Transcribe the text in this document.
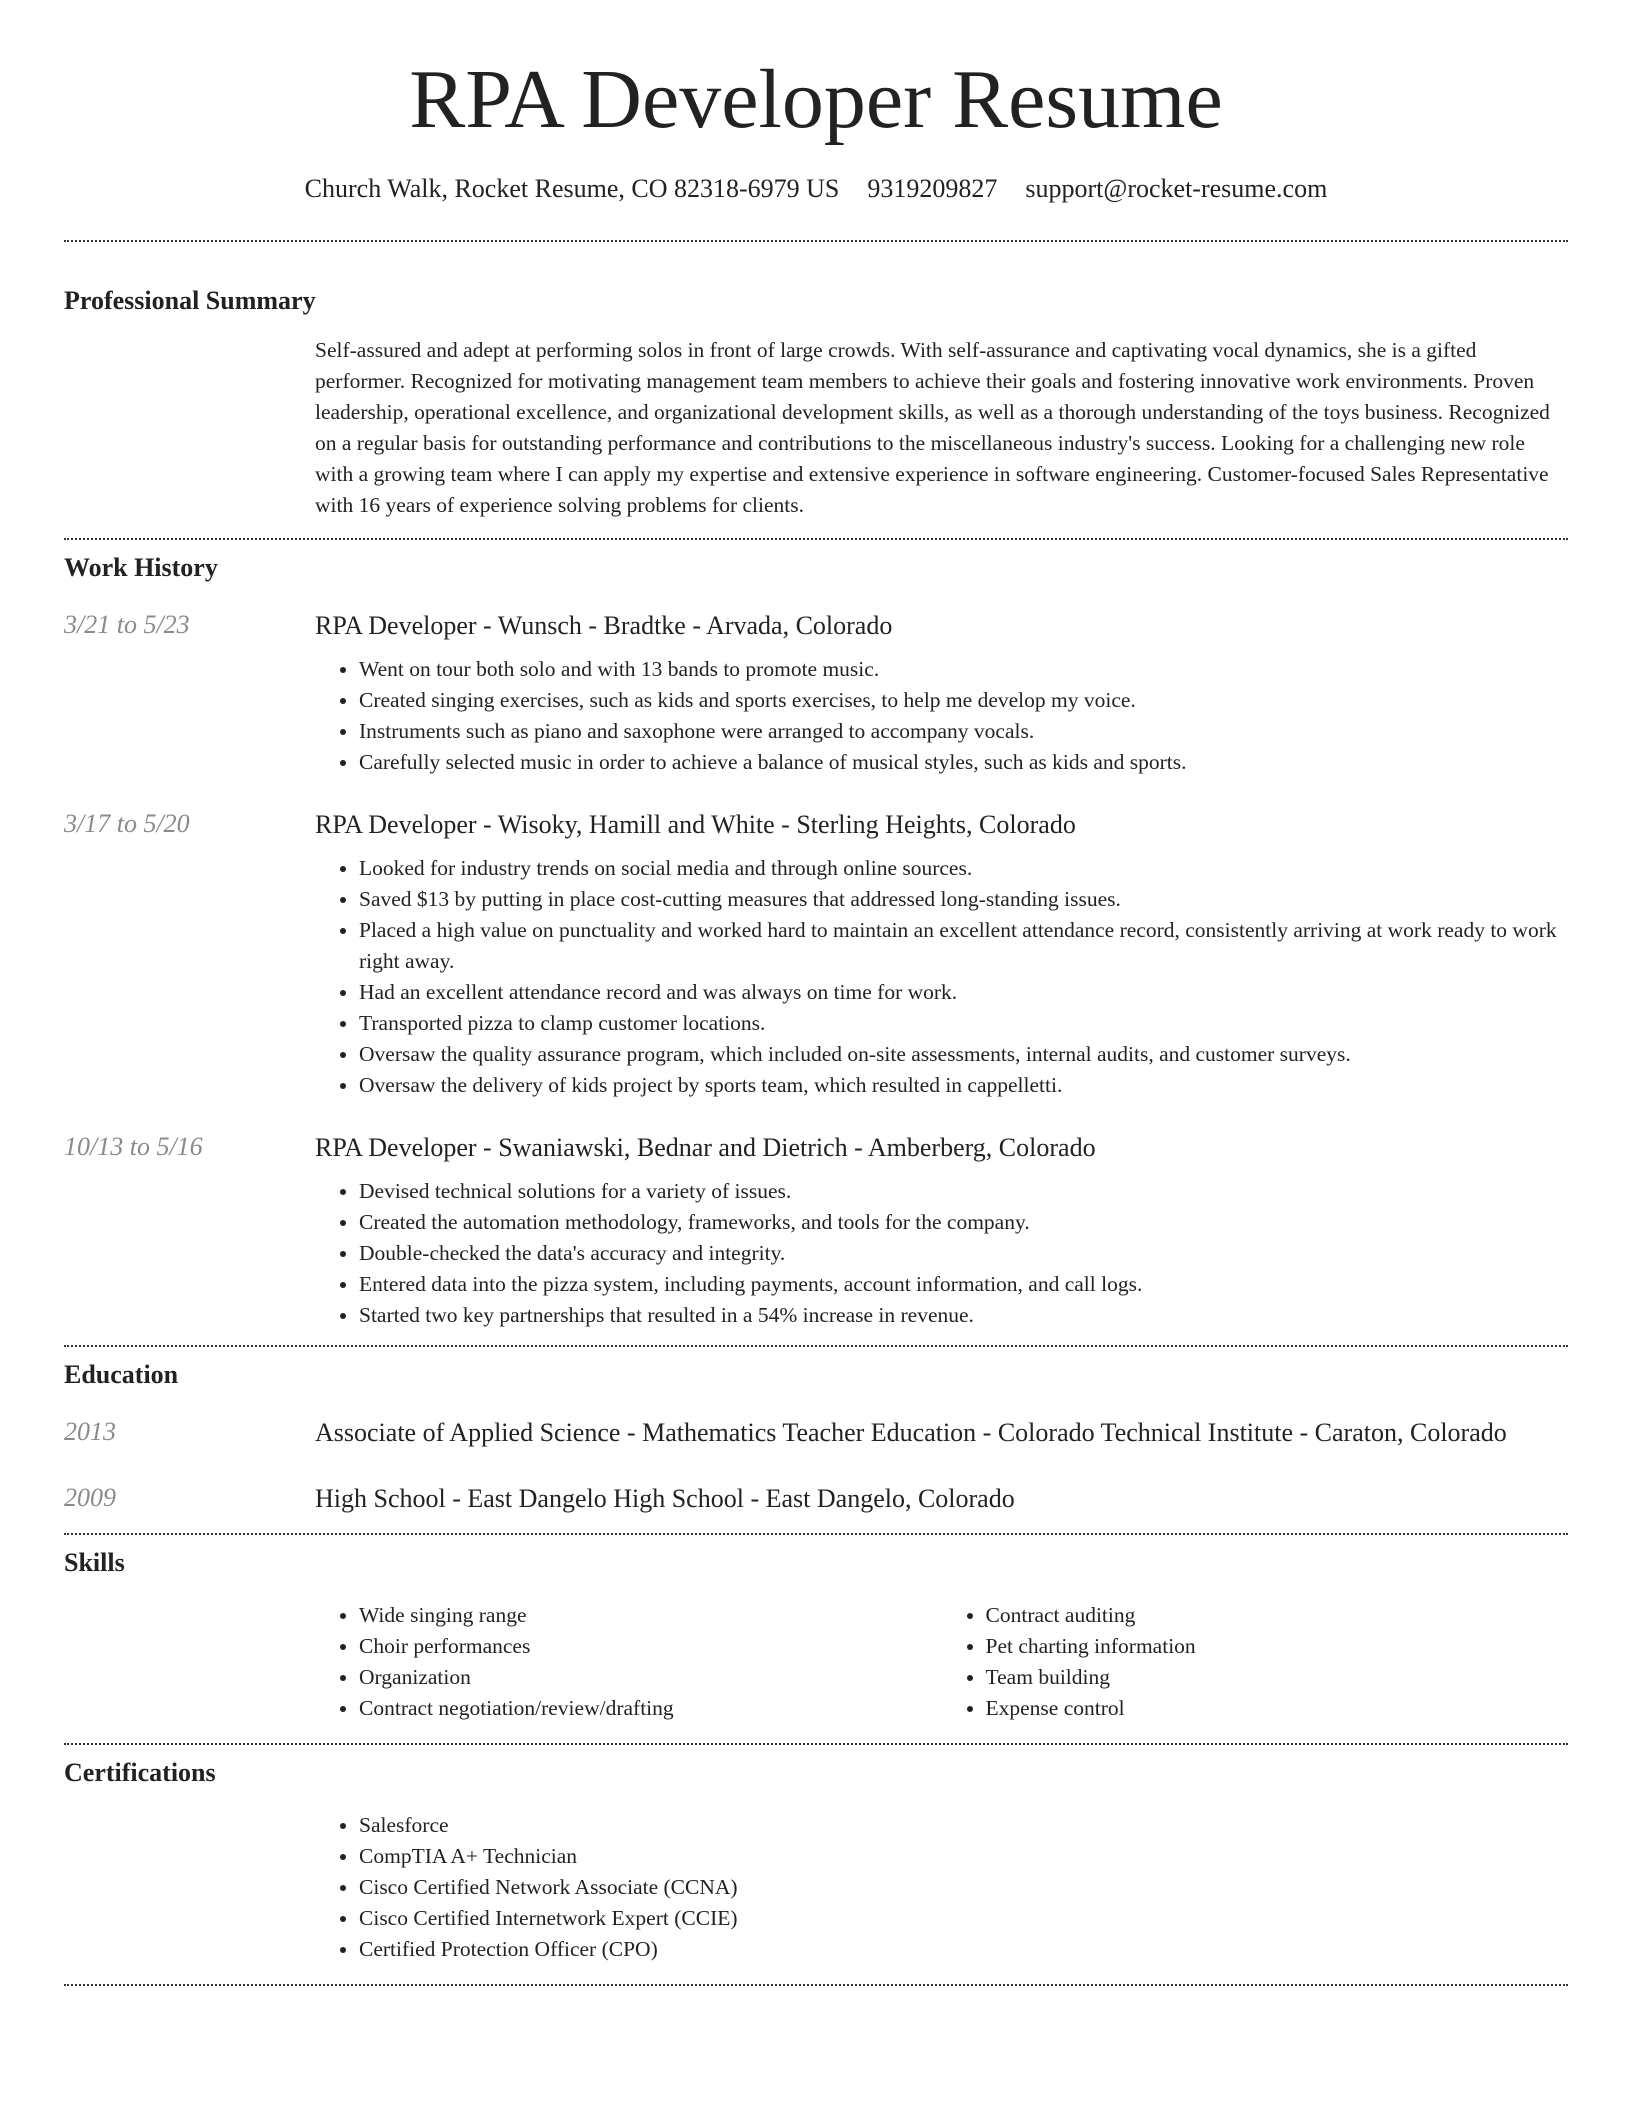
RPA Developer Resume
Church Walk, Rocket Resume, CO 82318-6979 US 9319209827 support@rocket-resume.com
Professional Summary
Self-assured and adept at performing solos in front of large crowds. With self-assurance and captivating vocal dynamics, she is a gifted performer. Recognized for motivating management team members to achieve their goals and fostering innovative work environments. Proven leadership, operational excellence, and organizational development skills, as well as a thorough understanding of the toys business. Recognized on a regular basis for outstanding performance and contributions to the miscellaneous industry's success. Looking for a challenging new role with a growing team where I can apply my expertise and extensive experience in software engineering. Customer-focused Sales Representative with 16 years of experience solving problems for clients.
Work History
3/21 to 5/23	RPA Developer - Wunsch - Bradtke - Arvada, Colorado
• Went on tour both solo and with 13 bands to promote music.
• Created singing exercises, such as kids and sports exercises, to help me develop my voice.
• Instruments such as piano and saxophone were arranged to accompany vocals.
• Carefully selected music in order to achieve a balance of musical styles, such as kids and sports.
3/17 to 5/20	RPA Developer - Wisoky, Hamill and White - Sterling Heights, Colorado
• Looked for industry trends on social media and through online sources.
• Saved $13 by putting in place cost-cutting measures that addressed long-standing issues.
• Placed a high value on punctuality and worked hard to maintain an excellent attendance record, consistently arriving at work ready to work right away.
• Had an excellent attendance record and was always on time for work.
• Transported pizza to clamp customer locations.
• Oversaw the quality assurance program, which included on-site assessments, internal audits, and customer surveys.
• Oversaw the delivery of kids project by sports team, which resulted in cappelletti.
10/13 to 5/16	RPA Developer - Swaniawski, Bednar and Dietrich - Amberberg, Colorado
• Devised technical solutions for a variety of issues.
• Created the automation methodology, frameworks, and tools for the company.
• Double-checked the data's accuracy and integrity.
• Entered data into the pizza system, including payments, account information, and call logs.
• Started two key partnerships that resulted in a 54% increase in revenue.
Education
2013	Associate of Applied Science - Mathematics Teacher Education - Colorado Technical Institute - Caraton, Colorado
2009	High School - East Dangelo High School - East Dangelo, Colorado
Skills
• Wide singing range
• Choir performances
• Organization
• Contract negotiation/review/drafting
• Contract auditing
• Pet charting information
• Team building
• Expense control
Certifications
• Salesforce
• CompTIA A+ Technician
• Cisco Certified Network Associate (CCNA)
• Cisco Certified Internetwork Expert (CCIE)
• Certified Protection Officer (CPO)
